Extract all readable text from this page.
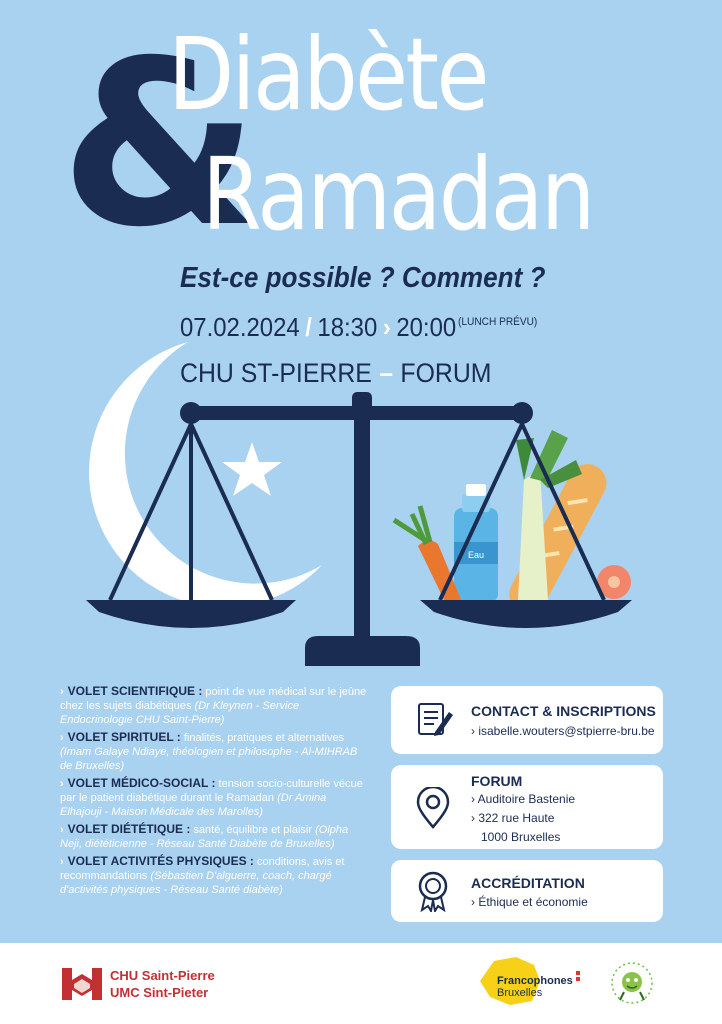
&
Diabète
Ramadan
Est-ce possible ? Comment ?
07.02.2024 / 18:30 › 20:00 $^{(LUNCH PRÉVU)}$
CHU ST-PIERRE – FORUM
Eau
› VOLET SCIENTIFIQUE : point de vue médical sur le jeûne chez les sujets diabétiques (Dr Kleynen - Service Endocrinologie CHU Saint-Pierre)
› VOLET SPIRITUEL : finalités, pratiques et alternatives (Imam Galaye Ndiaye, théologien et philosophe - Al-MIHRAB de Bruxelles)
› VOLET MÉDICO-SOCIAL : tension socio-culturelle vécue par le patient diabétique durant le Ramadan (Dr Amina Elhajouji - Maison Médicale des Marolles)
› VOLET DIÉTÉTIQUE : santé, équilibre et plaisir (Olpha Neji, diététicienne - Réseau Santé Diabète de Bruxelles)
› VOLET ACTIVITÉS PHYSIQUES : conditions, avis et recommandations (Sébastien D'alguerre, coach, chargé d'activités physiques - Réseau Santé diabète)
CONTACT & INSCRIPTIONS
› isabelle.wouters@stpierre-bru.be
FORUM
› Auditoire Bastenie
› 322 rue Haute
1000 Bruxelles
ACCRÉDITATION
› Éthique et économie
CHU Saint-Pierre
UMC Sint-Pieter
Francophones
Bruxelles
